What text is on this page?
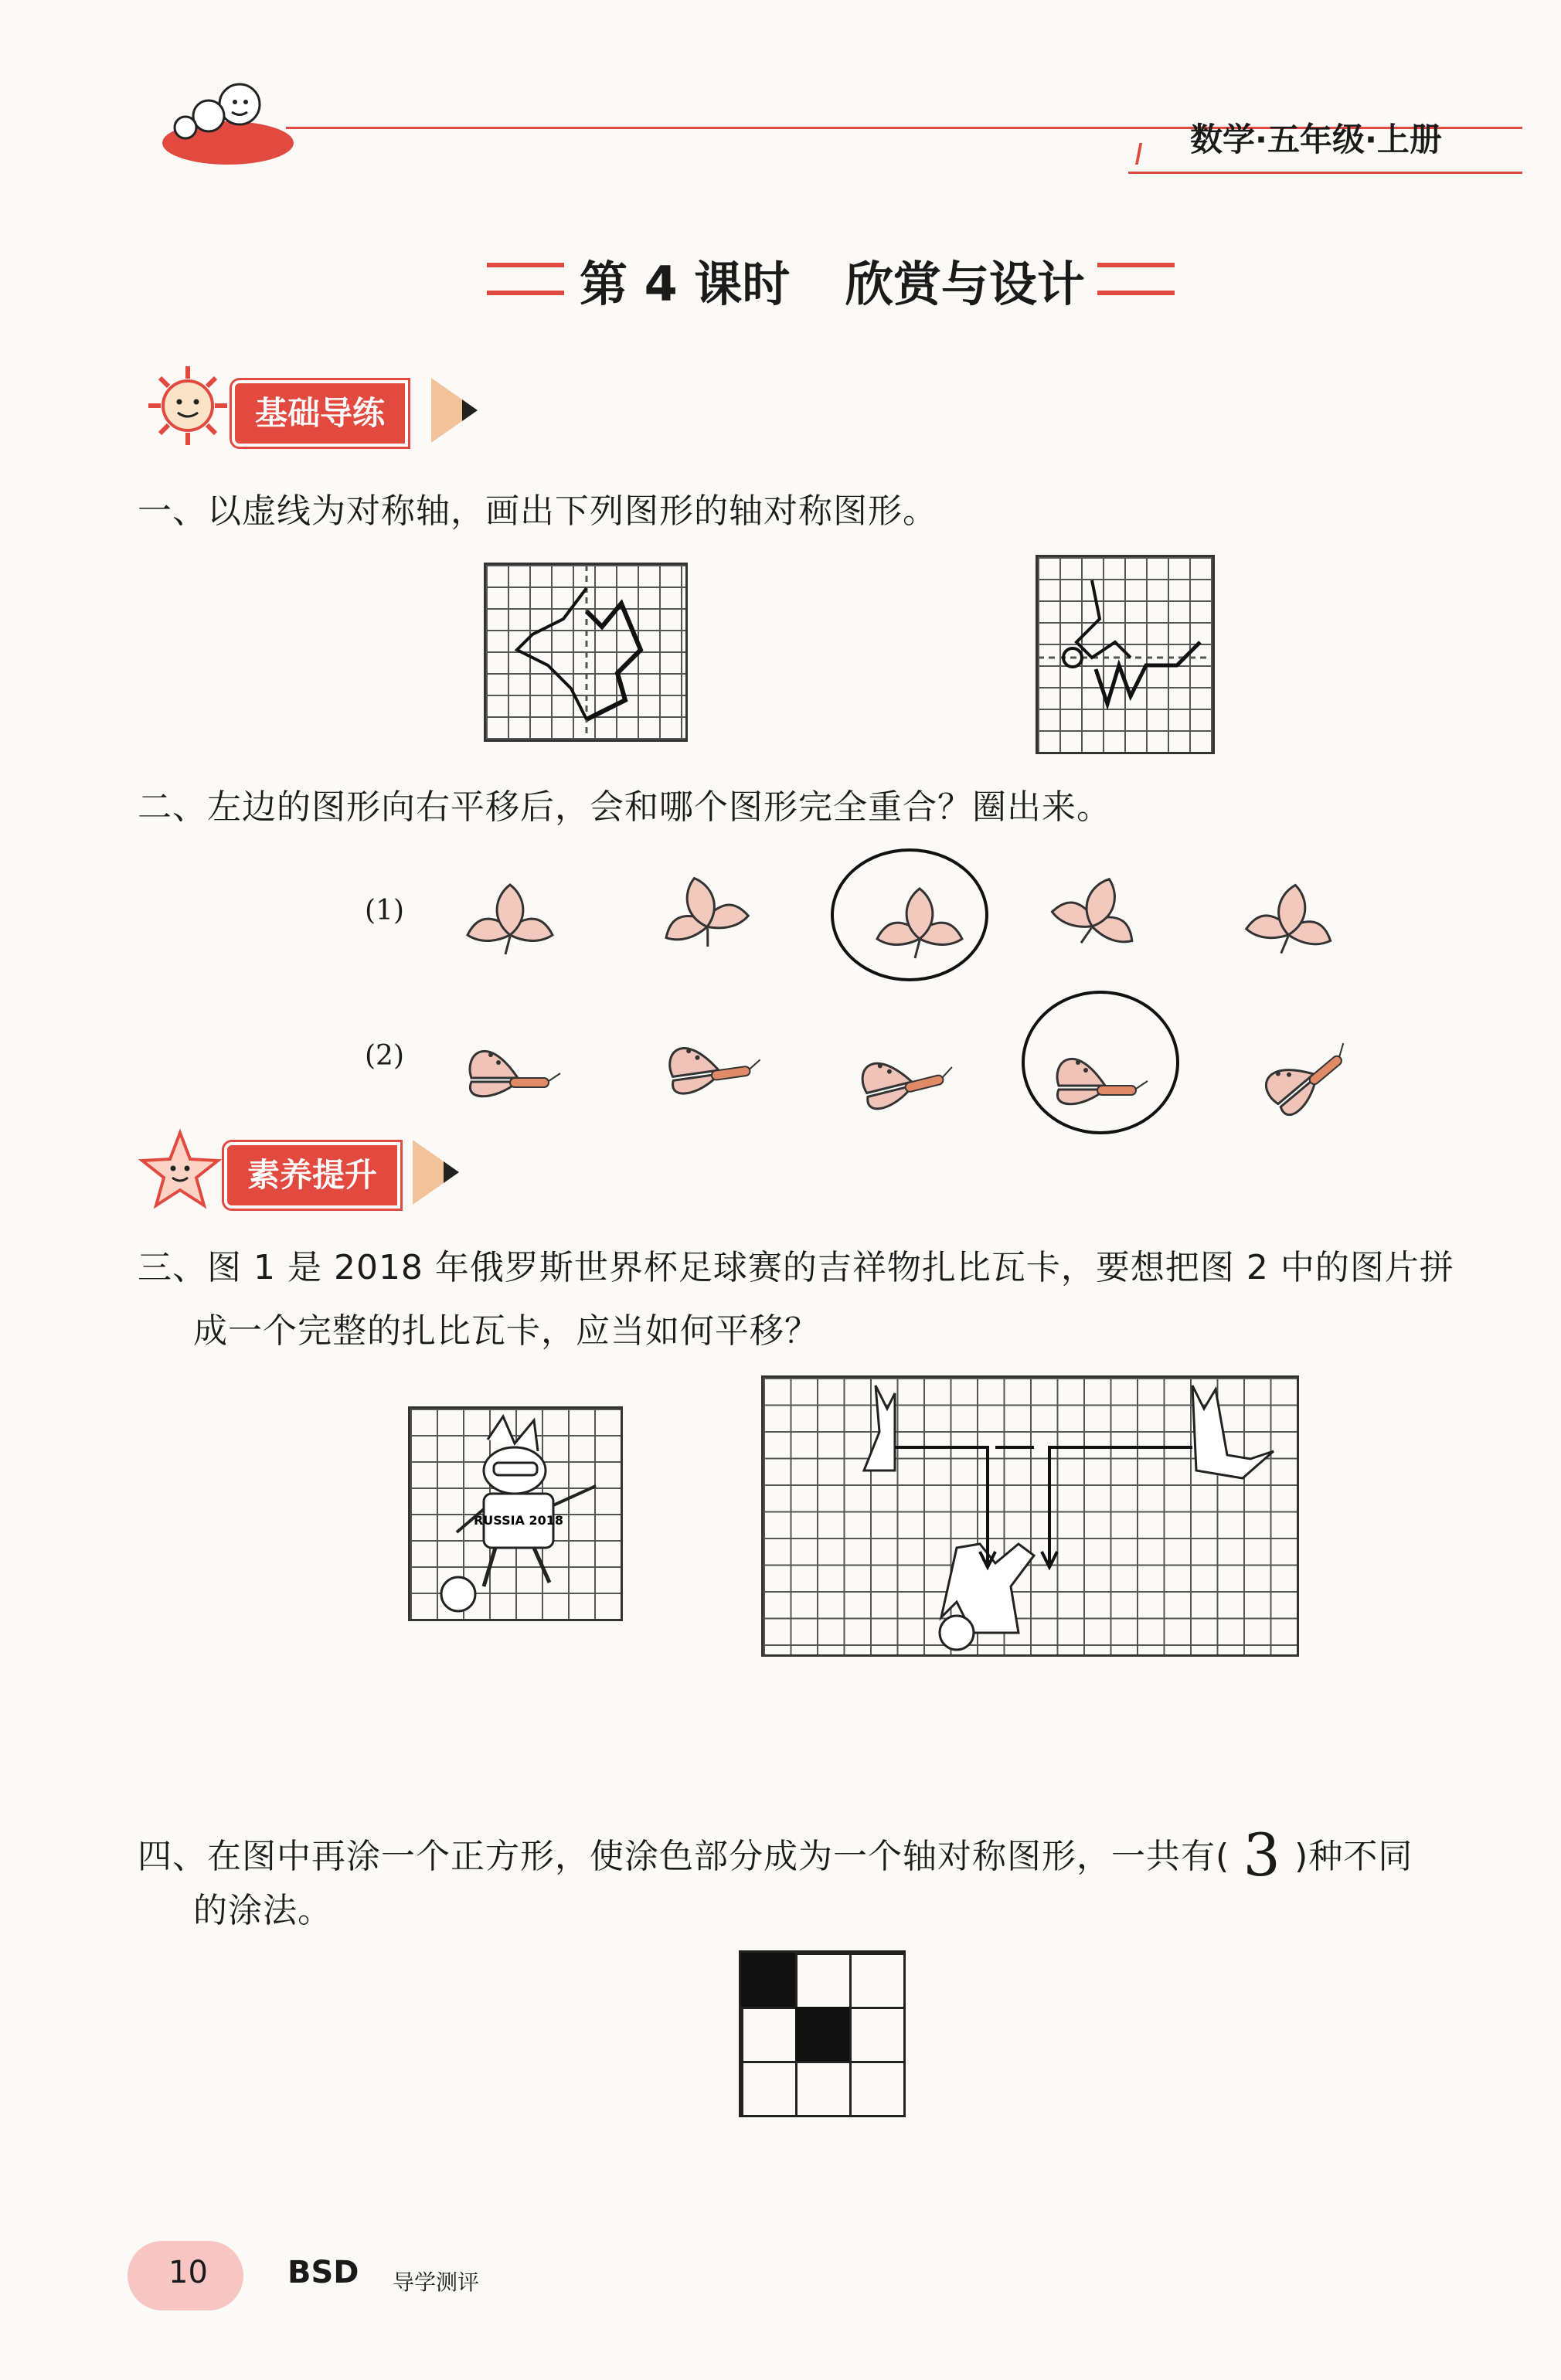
I 数学·五年级·上册
第 4 课时 欣赏与设计
基础导练
一、以虚线为对称轴，画出下列图形的轴对称图形。
二、左边的图形向右平移后，会和哪个图形完全重合？圈出来。
(1)
(2)
素养提升
三、图 1 是 2018 年俄罗斯世界杯足球赛的吉祥物扎比瓦卡，要想把图 2 中的图片拼
成一个完整的扎比瓦卡，应当如何平移？
RUSSIA 2018
四、在图中再涂一个正方形，使涂色部分成为一个轴对称图形，一共有( 3 )种不同
的涂法。
10	BSD 导学测评
